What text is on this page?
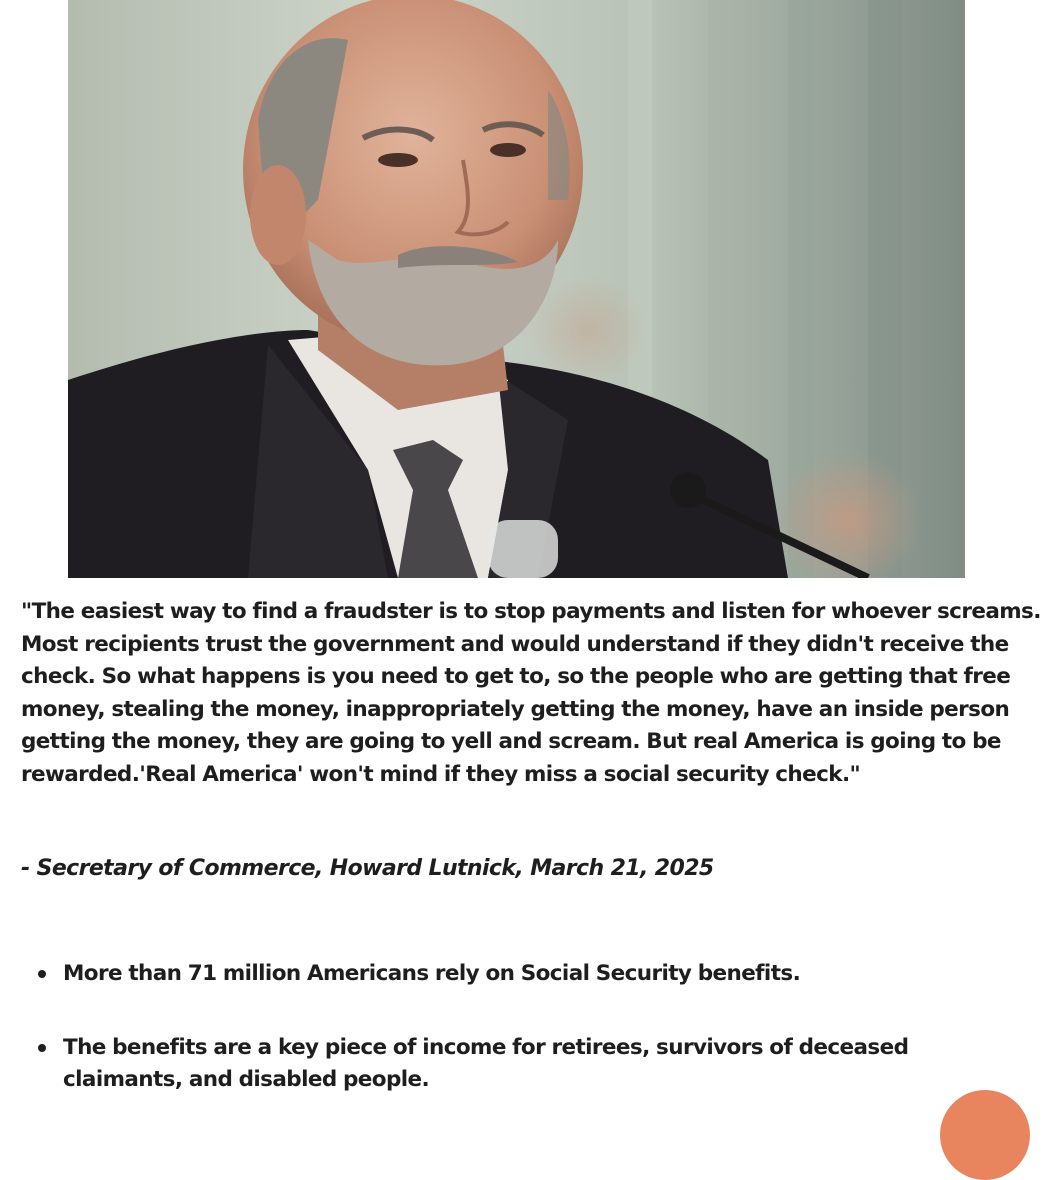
"The easiest way to find a fraudster is to stop payments and listen for whoever screams. Most recipients trust the government and would understand if they didn't receive the check. So what happens is you need to get to, so the people who are getting that free money, stealing the money, inappropriately getting the money, have an inside person getting the money, they are going to yell and scream. But real America is going to be rewarded.'Real America' won't mind if they miss a social security check."

- Secretary of Commerce, Howard Lutnick, March 21, 2025

More than 71 million Americans rely on Social Security benefits.
The benefits are a key piece of income for retirees, survivors of deceased claimants, and disabled people.
